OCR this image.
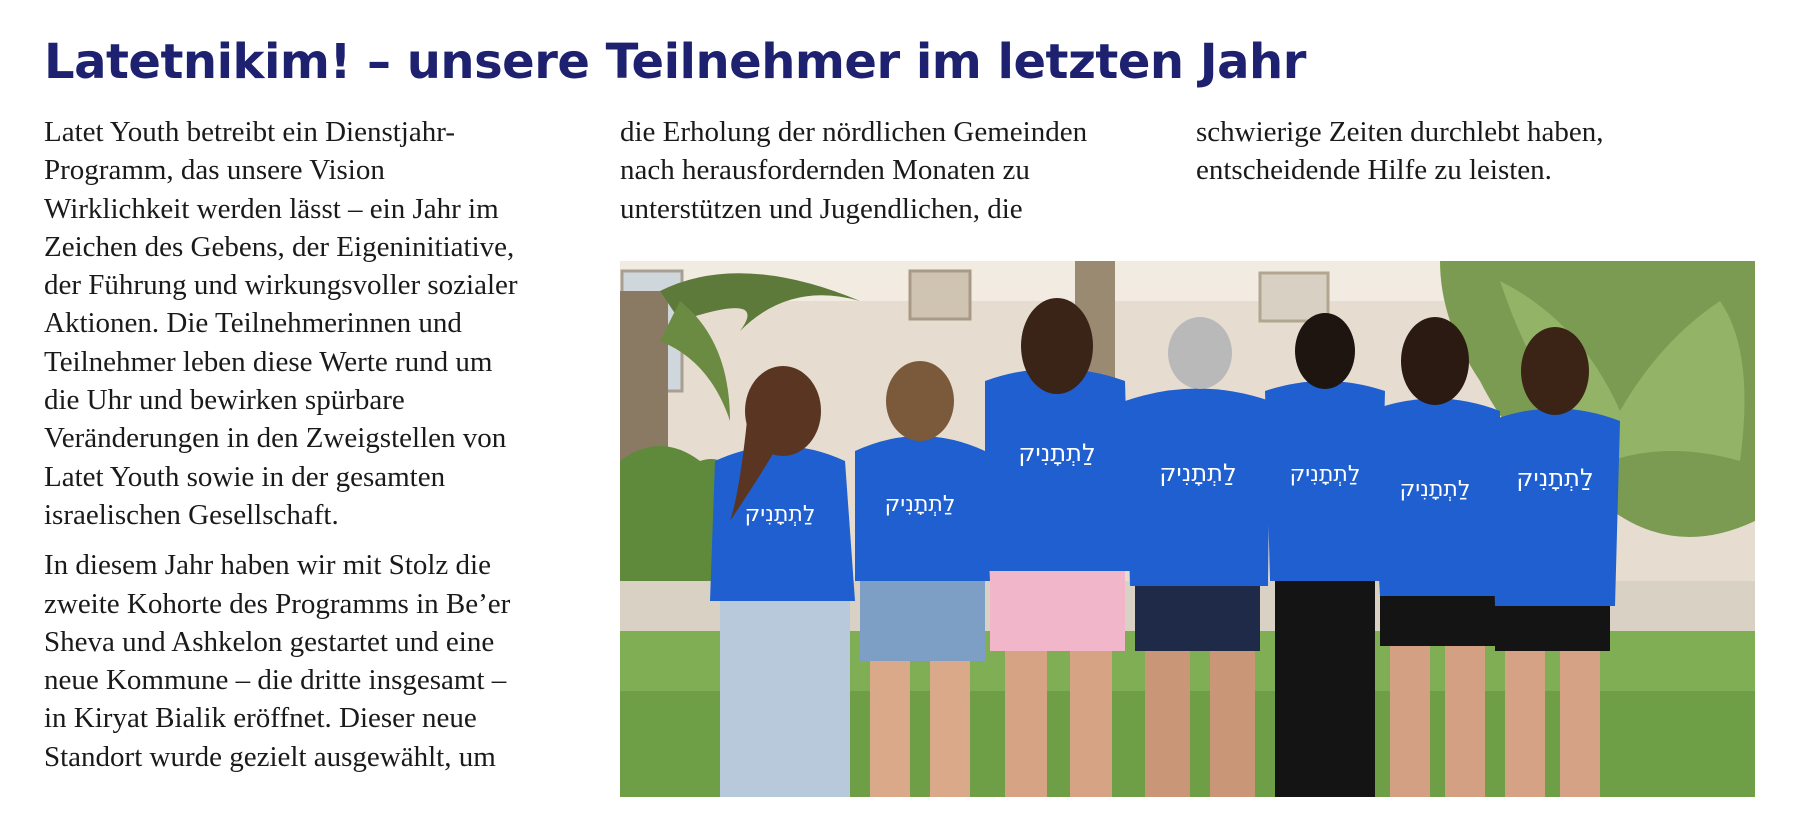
Latetnikim! – unsere Teilnehmer im letzten Jahr

Latet Youth betreibt ein Dienstjahr-
Programm, das unsere Vision
Wirklichkeit werden lässt – ein Jahr im
Zeichen des Gebens, der Eigeninitiative,
der Führung und wirkungsvoller sozialer
Aktionen. Die Teilnehmerinnen und
Teilnehmer leben diese Werte rund um
die Uhr und bewirken spürbare
Veränderungen in den Zweigstellen von
Latet Youth sowie in der gesamten
israelischen Gesellschaft.

In diesem Jahr haben wir mit Stolz die
zweite Kohorte des Programms in Be’er
Sheva und Ashkelon gestartet und eine
neue Kommune – die dritte insgesamt –
in Kiryat Bialik eröffnet. Dieser neue
Standort wurde gezielt ausgewählt, um

die Erholung der nördlichen Gemeinden
nach herausfordernden Monaten zu
unterstützen und Jugendlichen, die

schwierige Zeiten durchlebt haben,
entscheidende Hilfe zu leisten.

לַתְתָנִיק	לַתְתָנִיק
לַתְתָנִיק
לַתְתָנִיק לַתְתָנִיק
לַתְתָנִיק לַתְתָנִיק
